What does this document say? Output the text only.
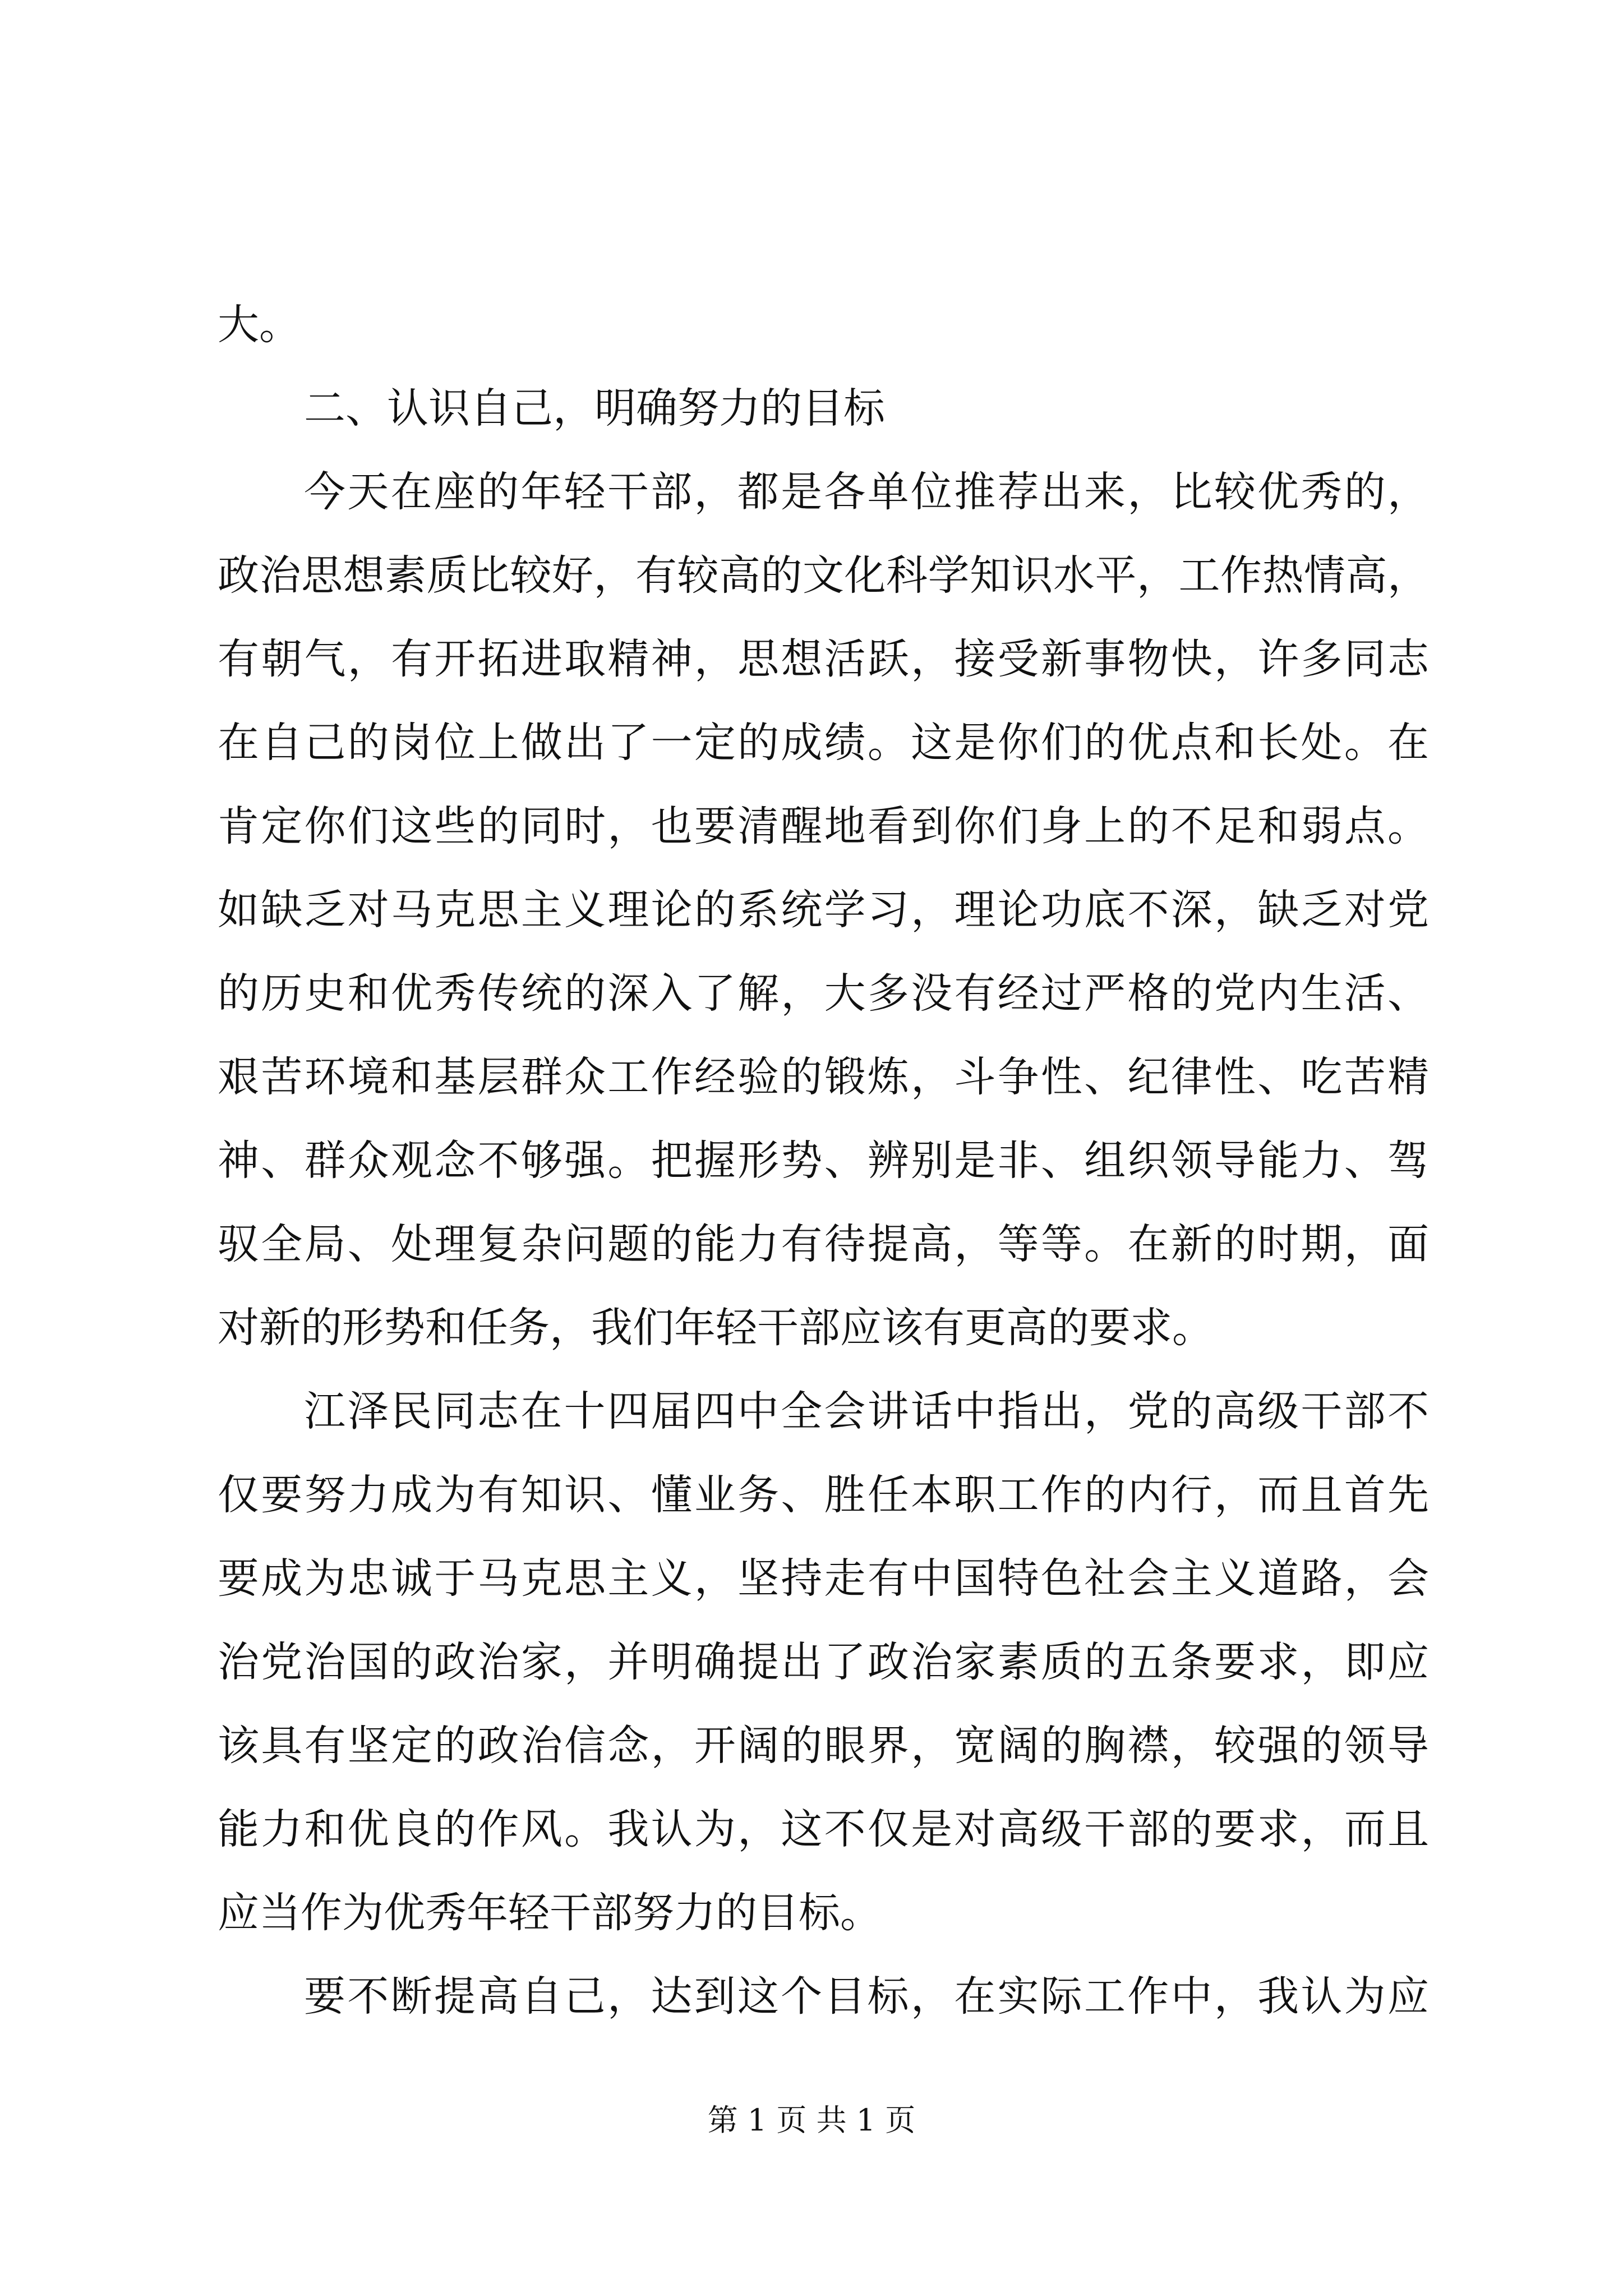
大。
二、认识自己，明确努力的目标
今天在座的年轻干部，都是各单位推荐出来，比较优秀的，
政治思想素质比较好，有较高的文化科学知识水平，工作热情高，
有朝气，有开拓进取精神，思想活跃，接受新事物快，许多同志
在自己的岗位上做出了一定的成绩。这是你们的优点和长处。在
肯定你们这些的同时，也要清醒地看到你们身上的不足和弱点。
如缺乏对马克思主义理论的系统学习，理论功底不深，缺乏对党
的历史和优秀传统的深入了解，大多没有经过严格的党内生活、
艰苦环境和基层群众工作经验的锻炼，斗争性、纪律性、吃苦精
神、群众观念不够强。把握形势、辨别是非、组织领导能力、驾
驭全局、处理复杂问题的能力有待提高，等等。在新的时期，面
对新的形势和任务，我们年轻干部应该有更高的要求。
江泽民同志在十四届四中全会讲话中指出，党的高级干部不
仅要努力成为有知识、懂业务、胜任本职工作的内行，而且首先
要成为忠诚于马克思主义，坚持走有中国特色社会主义道路，会
治党治国的政治家，并明确提出了政治家素质的五条要求，即应
该具有坚定的政治信念，开阔的眼界，宽阔的胸襟，较强的领导
能力和优良的作风。我认为，这不仅是对高级干部的要求，而且
应当作为优秀年轻干部努力的目标。
要不断提高自己，达到这个目标，在实际工作中，我认为应
第 1 页 共 1 页
